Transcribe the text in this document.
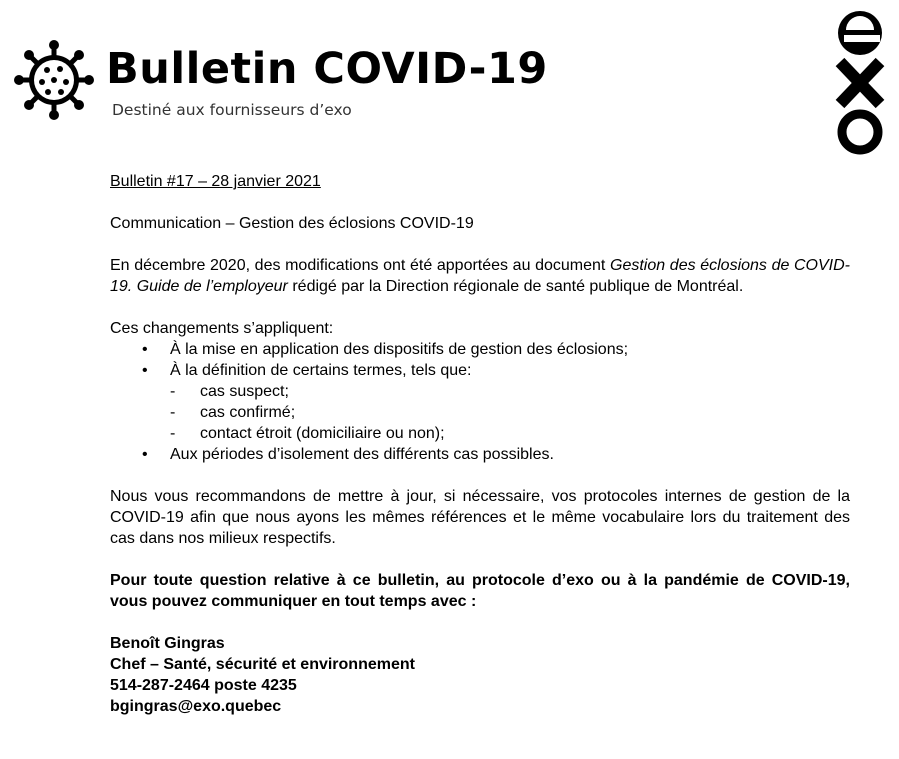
Bulletin COVID-19
Destiné aux fournisseurs d’exo
exo

Bulletin #17 – 28 janvier 2021

Communication – Gestion des éclosions COVID-19

En décembre 2020, des modifications ont été apportées au document Gestion des éclosions de COVID-19. Guide de l’employeur rédigé par la Direction régionale de santé publique de Montréal.

Ces changements s’appliquent:

• À la mise en application des dispositifs de gestion des éclosions;
• À la définition de certains termes, tels que:
- cas suspect;
- cas confirmé;
- contact étroit (domiciliaire ou non);
• Aux périodes d’isolement des différents cas possibles.

Nous vous recommandons de mettre à jour, si nécessaire, vos protocoles internes de gestion de la COVID-19 afin que nous ayons les mêmes références et le même vocabulaire lors du traitement des cas dans nos milieux respectifs.

Pour toute question relative à ce bulletin, au protocole d’exo ou à la pandémie de COVID-19, vous pouvez communiquer en tout temps avec :

Benoît Gingras

Chef – Santé, sécurité et environnement

514-287-2464 poste 4235

bgingras@exo.quebec
